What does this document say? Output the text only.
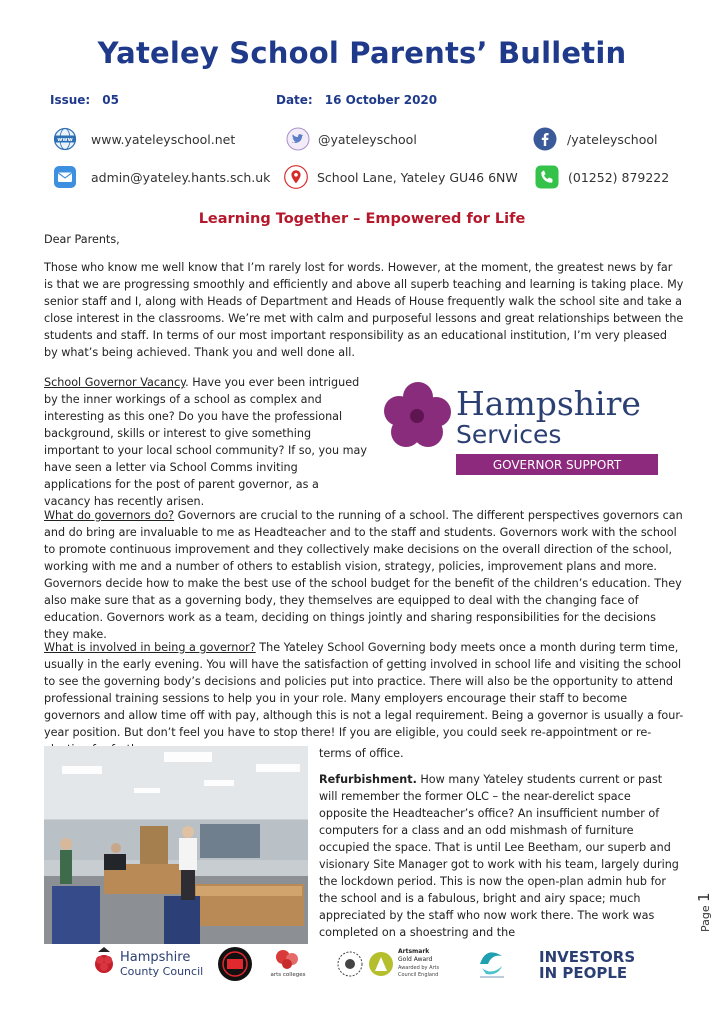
Yateley School Parents’ Bulletin
Issue: 05	Date: 16 October 2020
www www.yateleyschool.net	@yateleyschool	/yateleyschool
admin@yateley.hants.sch.uk	School Lane, Yateley GU46 6NW	(01252) 879222
Learning Together – Empowered for Life

Dear Parents,

Those who know me well know that I’m rarely lost for words. However, at the moment, the greatest news by far is that we are progressing smoothly and efficiently and above all superb teaching and learning is taking place. My senior staff and I, along with Heads of Department and Heads of House frequently walk the school site and take a close interest in the classrooms. We’re met with calm and purposeful lessons and great relationships between the students and staff. In terms of our most important responsibility as an educational institution, I’m very pleased by what’s being achieved. Thank you and well done all.

School Governor Vacancy. Have you ever been intrigued by the inner workings of a school as complex and interesting as this one? Do you have the professional background, skills or interest to give something important to your local school community? If so, you may have seen a letter via School Comms inviting applications for the post of parent governor, as a vacancy has recently arisen.

Hampshire
Services
GOVERNOR SUPPORT

What do governors do? Governors are crucial to the running of a school. The different perspectives governors can and do bring are invaluable to me as Headteacher and to the staff and students. Governors work with the school to promote continuous improvement and they collectively make decisions on the overall direction of the school, working with me and a number of others to establish vision, strategy, policies, improvement plans and more. Governors decide how to make the best use of the school budget for the benefit of the children’s education. They also make sure that as a governing body, they themselves are equipped to deal with the changing face of education. Governors work as a team, deciding on things jointly and sharing responsibilities for the decisions they make.

What is involved in being a governor? The Yateley School Governing body meets once a month during term time, usually in the early evening. You will have the satisfaction of getting involved in school life and visiting the school to see the governing body’s decisions and policies put into practice. There will also be the opportunity to attend professional training sessions to help you in your role. Many employers encourage their staff to become governors and allow time off with pay, although this is not a legal requirement. Being a governor is usually a four-year position. But don’t feel you have to stop there! If you are eligible, you could seek re-appointment or re-

terms of office.

Refurbishment. How many Yateley students current or past will remember the former OLC – the near-derelict space opposite the Headteacher’s office? An insufficient number of computers for a class and an odd mishmash of furniture occupied the space. That is until Lee Beetham, our superb and visionary Site Manager got to work with his team, largely during the lockdown period. This is now the open-plan admin hub for the school and is a fabulous, bright and airy space; much appreciated by the staff who now work there. The work was completed on a shoestring and the

Page
1
Hampshire
County Council	arts colleges
Artsmark
Gold Award
Awarded by Arts
Council England
INVESTORS
IN PEOPLE
